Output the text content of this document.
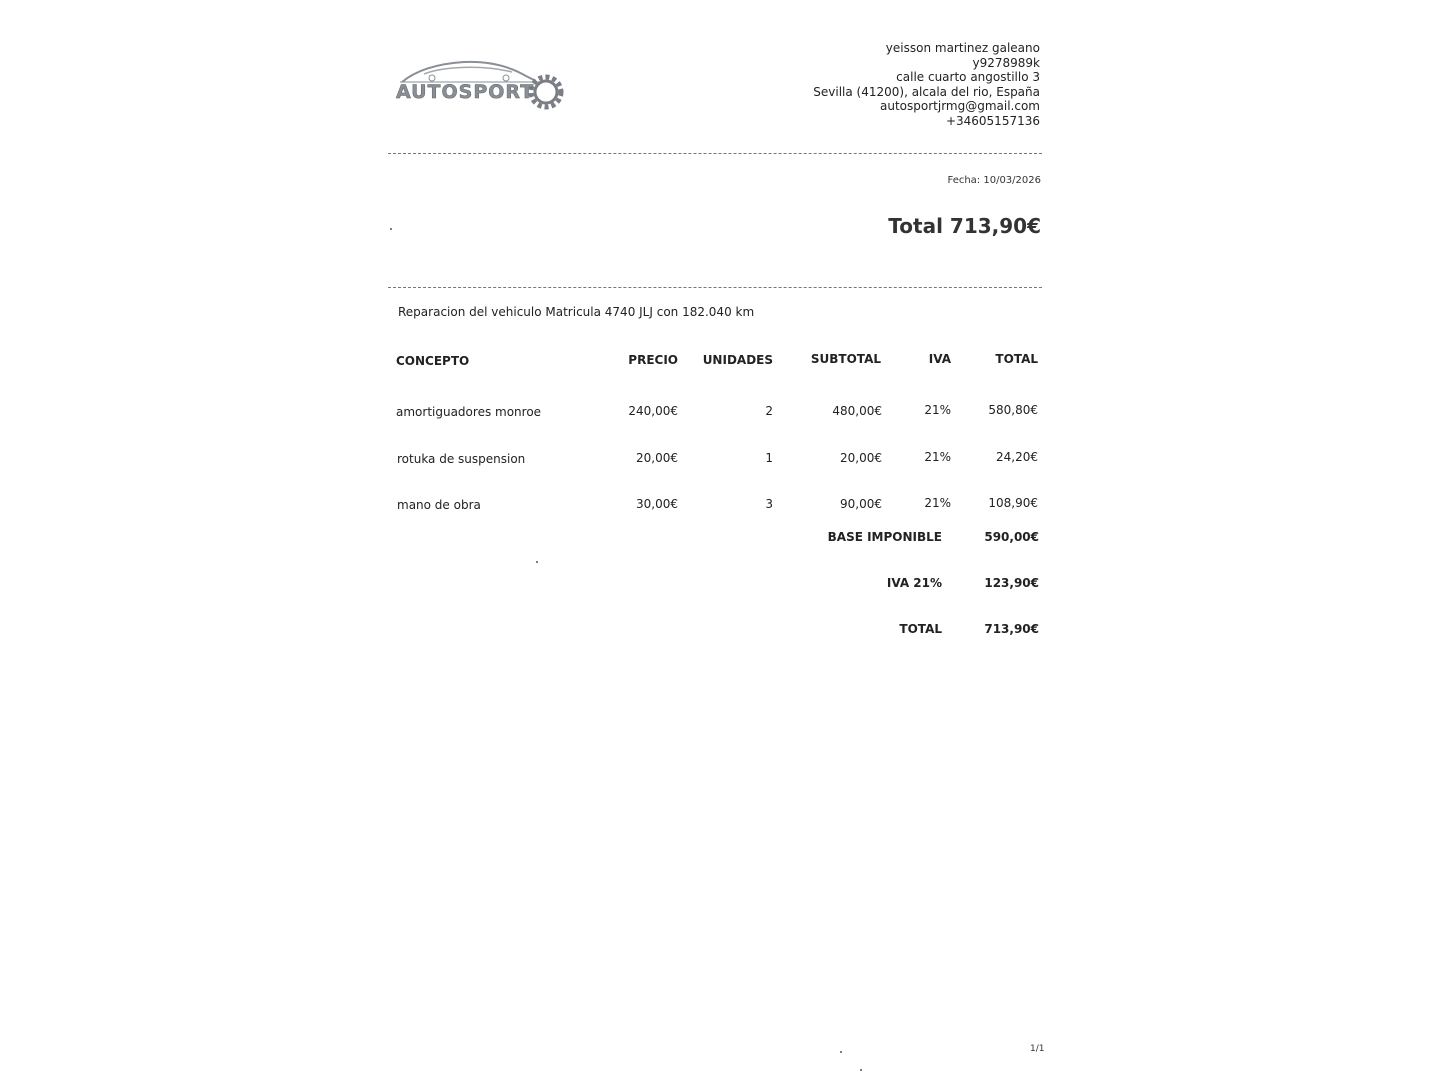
AUTOSPORT
yeisson martinez galeano
y9278989k
calle cuarto angostillo 3
Sevilla (41200), alcala del rio, España
autosportjrmg@gmail.com
+34605157136
Fecha: 10/03/2026
Total 713,90€
Reparacion del vehiculo Matricula 4740 JLJ con 182.040 km
CONCEPTO	PRECIO	UNIDADES	SUBTOTAL	IVA	TOTAL
amortiguadores monroe	240,00€	2	480,00€	21%	580,80€
rotuka de suspension	20,00€	1	20,00€	21%	24,20€
mano de obra	30,00€	3	90,00€	21%	108,90€
BASE IMPONIBLE	590,00€
IVA 21%	123,90€
TOTAL	713,90€
1/1
